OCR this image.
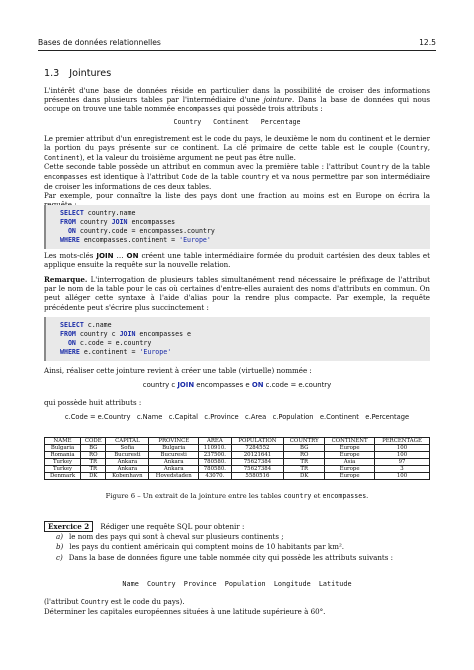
Bases de données relationnelles	12.5
1.3 Jointures
L'intérêt d'une base de données réside en particulier dans la possibilité de croiser des informations présentes dans plusieurs tables par l'intermédiaire d'une jointure. Dans la base de données qui nous occupe on trouve une table nommée encompasses qui possède trois attributs :
Country   Continent   Percentage
Le premier attribut d'un enregistrement est le code du pays, le deuxième le nom du continent et le dernier la portion du pays présente sur ce continent. La clé primaire de cette table est le couple (Country, Continent), et la valeur du troisième argument ne peut pas être nulle.
Cette seconde table possède un attribut en commun avec la première table : l'attribut Country de la table encompasses est identique à l'attribut Code de la table country et va nous permettre par son intermédiaire de croiser les informations de ces deux tables.
Par exemple, pour connaître la liste des pays dont une fraction au moins est en Europe on écrira la
SELECT country.name
FROM country JOIN encompasses
ON country.code = encompasses.country
WHERE encompasses.continent = 'Europe'
Les mots-clés JOIN … ON créent une table intermédiaire formée du produit cartésien des deux tables et applique ensuite la requête sur la nouvelle relation.
Remarque. L'interrogation de plusieurs tables simultanément rend nécessaire le préfixage de l'attribut par le nom de la table pour le cas où certaines d'entre-elles auraient des noms d'attributs en commun. On peut alléger cette syntaxe à l'aide d'alias pour la rendre plus compacte. Par exemple, la requête précédente peut s'écrire plus succinctement :
SELECT c.name
FROM country c JOIN encompasses e
ON c.code = e.country
WHERE e.continent = 'Europe'
Ainsi, réaliser cette jointure revient à créer une table (virtuelle) nommée :
country c JOIN encompasses e ON c.code = e.country
qui possède huit attributs :
c.Code = e.Country   c.Name   c.Capital   c.Province   c.Area   c.Population   e.Continent   e.Percentage
NAME	CODE	CAPITAL	PROVINCE	AREA	POPULATION	COUNTRY	CONTINENT	PERCENTAGE
Bulgaria	BG	Sofia	Bulgaria	110910.	7284552	BG	Europe	100
Romania	RO	Bucuresti	Bucuresti	237500.	20121641	RO	Europe	100
Turkey	TR	Ankara	Ankara	780580.	75627384	TR	Asia	97
Turkey	TR	Ankara	Ankara	780580.	75627384	TR	Europe	3
Denmark	DK	Kobenhavn	Hovedstaden	43070.	5580516	DK	Europe	100
Figure 6 – Un extrait de la jointure entre les tables country et encompasses.
Exercice 2 Rédiger une requête SQL pour obtenir :
a) le nom des pays qui sont à cheval sur plusieurs continents ;
b) les pays du contient américain qui comptent moins de 10 habitants par km².
c) Dans la base de données figure une table nommée city qui possède les attributs suivants :
Name  Country  Province  Population  Longitude  Latitude
(l'attribut Country est le code du pays).
Déterminer les capitales européennes situées à une latitude supérieure à 60°.
